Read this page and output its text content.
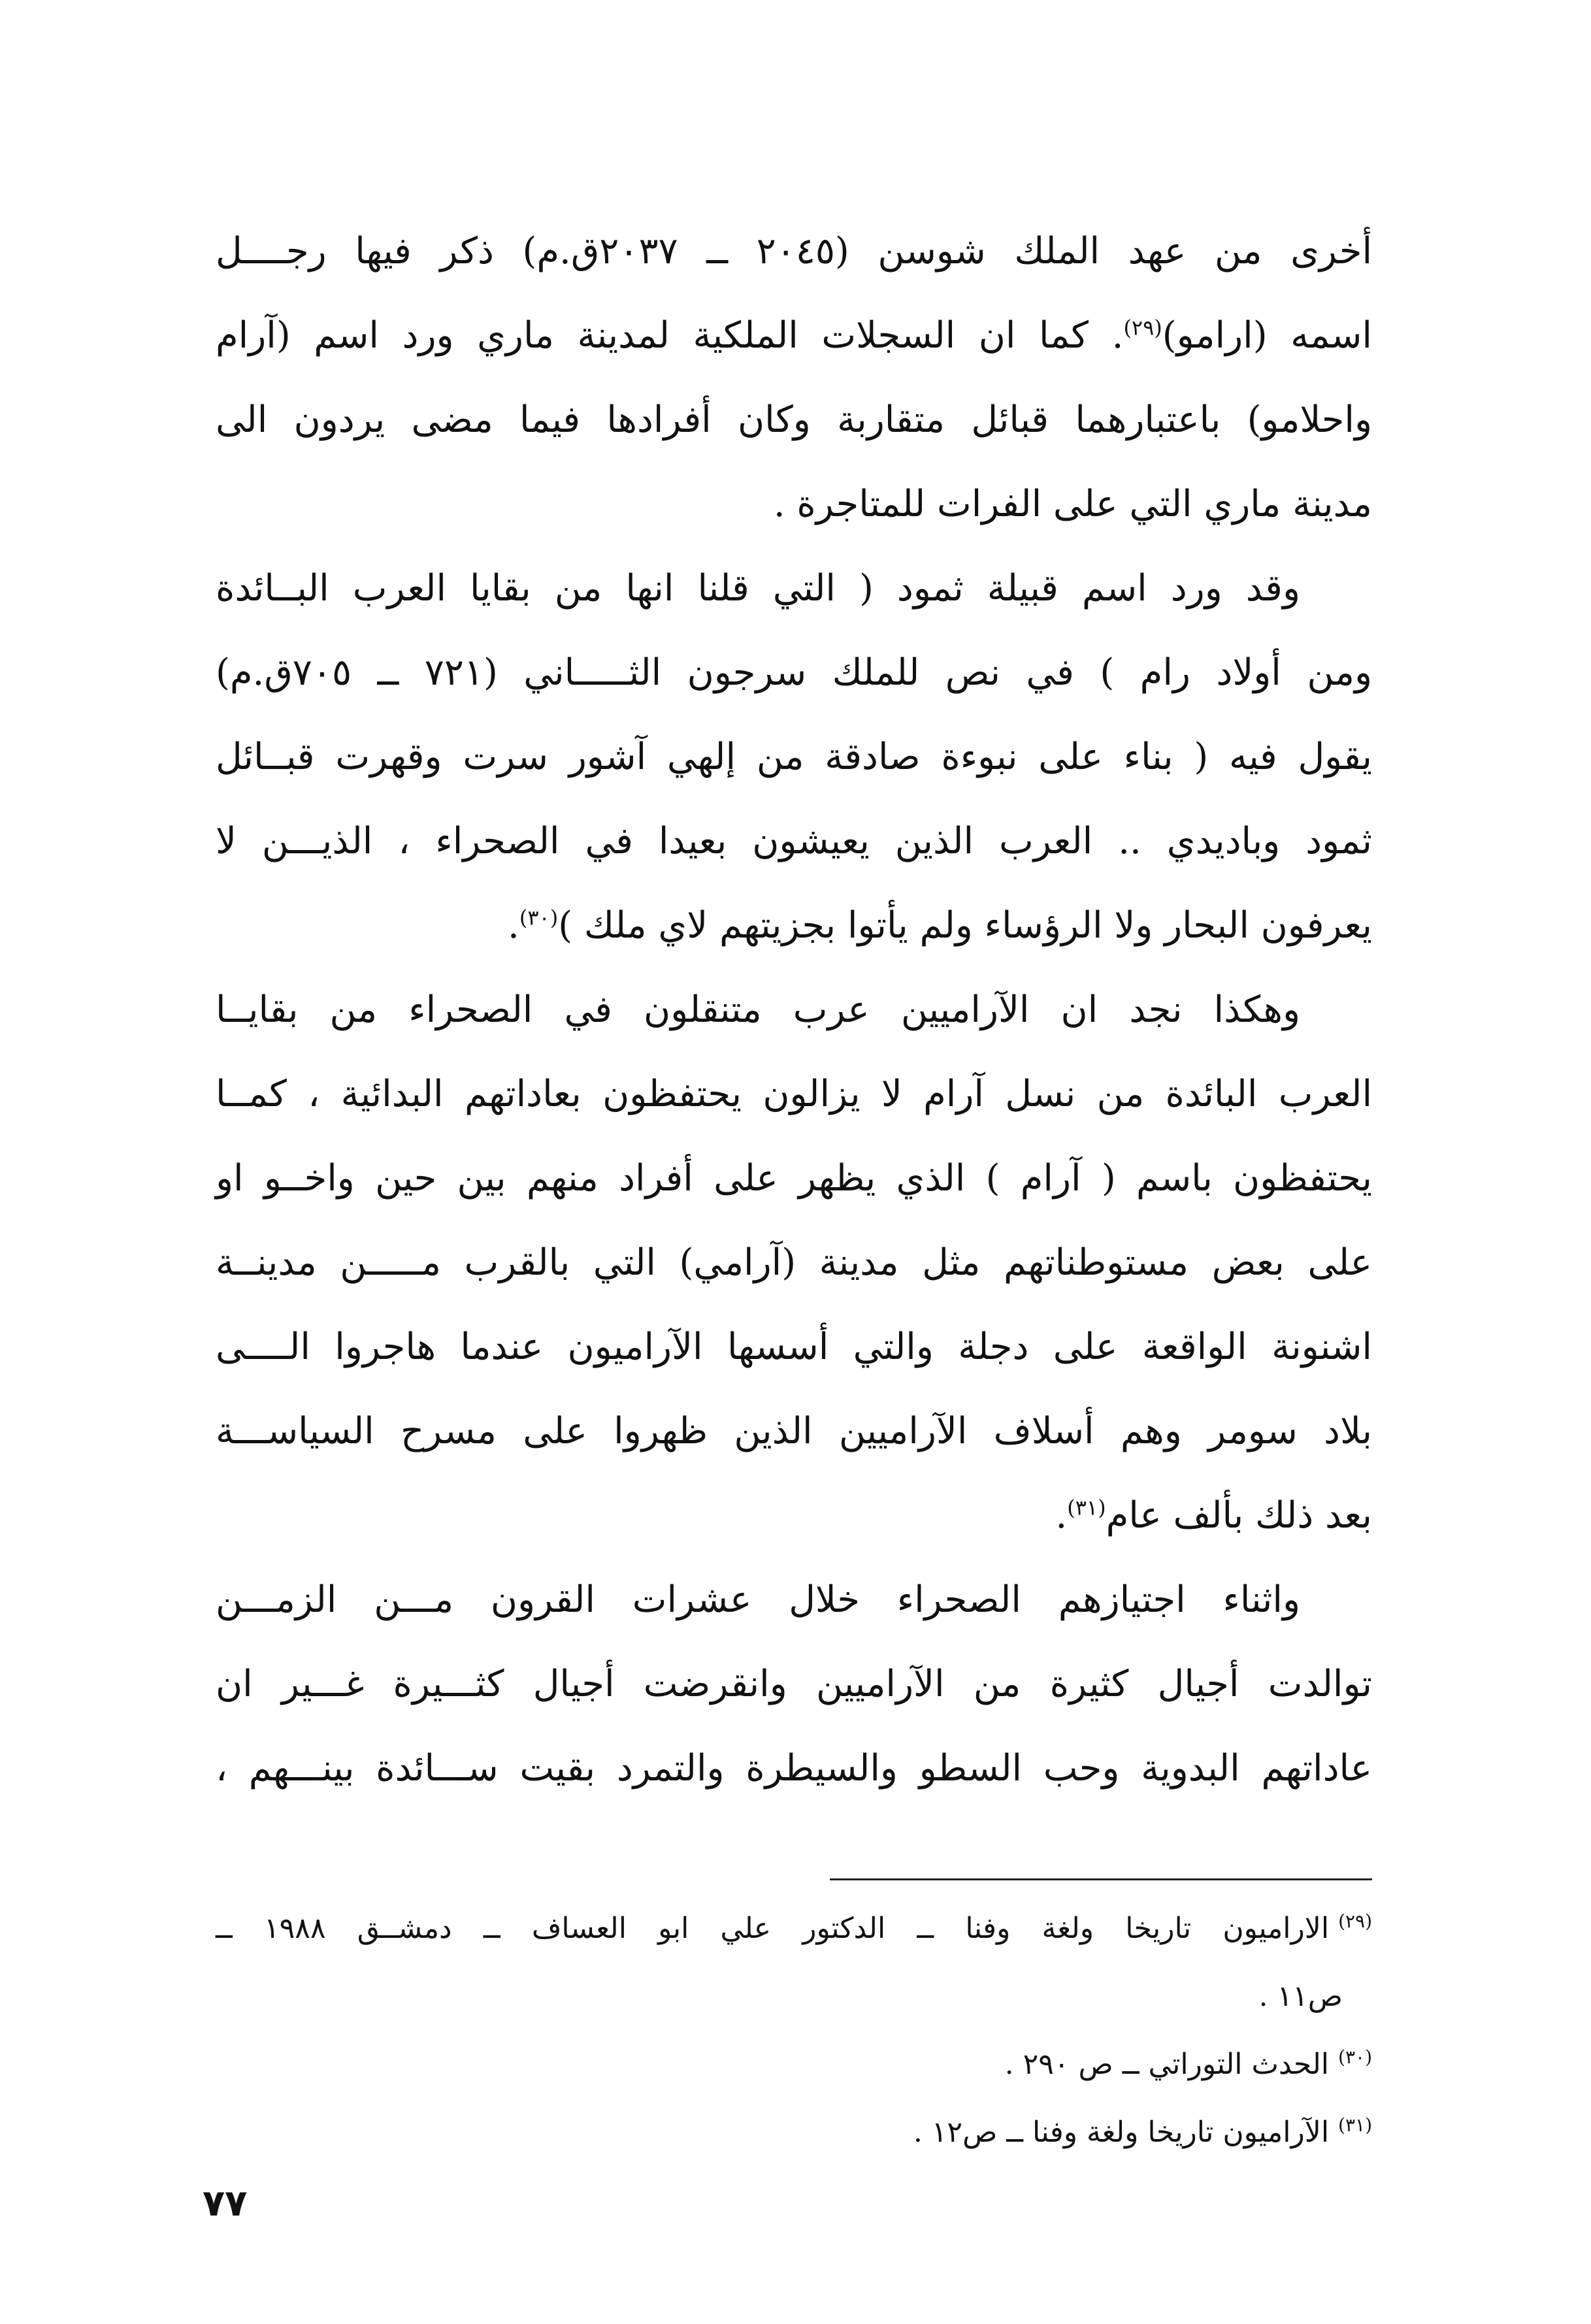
أخرى من عهد الملك شوسن (٢٠٤٥ ــ ٢٠٣٧ق.م) ذكر فيها رجــــل
اسمه (ارامو)$^{(٢٩)}$. كما ان السجلات الملكية لمدينة ماري ورد اسم (آرام
واحلامو) باعتبارهما قبائل متقاربة وكان أفرادها فيما مضى يردون الى
مدينة ماري التي على الفرات للمتاجرة .

وقد ورد اسم قبيلة ثمود ( التي قلنا انها من بقايا العرب البــائدة
ومن أولاد رام ) في نص للملك سرجون الثـــــاني (٧٢١ ــ ٧٠٥ق.م)
يقول فيه ( بناء على نبوءة صادقة من إلهي آشور سرت وقهرت قبــائل
ثمود وباديدي .. العرب الذين يعيشون بعيدا في الصحراء ، الذيـــن لا
يعرفون البحار ولا الرؤساء ولم يأتوا بجزيتهم لاي ملك )$^{(٣٠)}$.

وهكذا نجد ان الآراميين عرب متنقلون في الصحراء من بقايــا
العرب البائدة من نسل آرام لا يزالون يحتفظون بعاداتهم البدائية ، كمــا
يحتفظون باسم ( آرام ) الذي يظهر على أفراد منهم بين حين واخــو او
على بعض مستوطناتهم مثل مدينة (آرامي) التي بالقرب مـــــن مدينــة
اشنونة الواقعة على دجلة والتي أسسها الآراميون عندما هاجروا الــــى
بلاد سومر وهم أسلاف الآراميين الذين ظهروا على مسرح السياســـة
بعد ذلك بألف عام$^{(٣١)}$.

واثناء اجتيازهم الصحراء خلال عشرات القرون مـــن الزمـــن
توالدت أجيال كثيرة من الآراميين وانقرضت أجيال كثـــيرة غـــير ان
عاداتهم البدوية وحب السطو والسيطرة والتمرد بقيت ســـائدة بينـــهم ،

$^{(٢٩)}$الاراميون تاريخا ولغة وفنا ــ الدكتور علي ابو العساف ــ دمشــق ١٩٨٨ ــ
ص١١ .
$^{(٣٠)}$الحدث التوراتي ــ ص ٢٩٠ .
$^{(٣١)}$الآراميون تاريخا ولغة وفنا ــ ص١٢ .
٧٧
